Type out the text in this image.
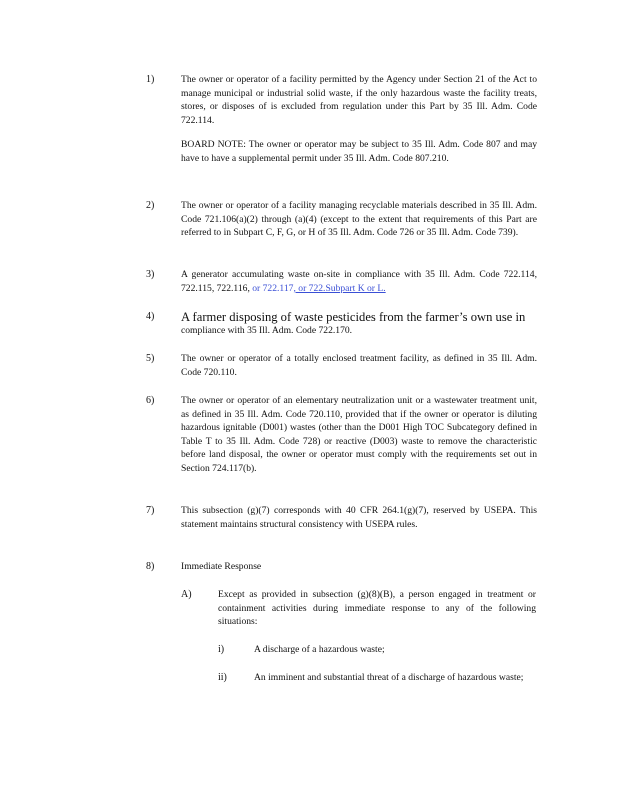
1)	The owner or operator of a facility permitted by the Agency under Section 21 of the Act to manage municipal or industrial solid waste, if the only hazardous waste the facility treats, stores, or disposes of is excluded from regulation under this Part by 35 Ill. Adm. Code 722.114.

BOARD NOTE: The owner or operator may be subject to 35 Ill. Adm. Code 807 and may have to have a supplemental permit under 35 Ill. Adm. Code 807.210.

2)	The owner or operator of a facility managing recyclable materials described in 35 Ill. Adm. Code 721.106(a)(2) through (a)(4) (except to the extent that requirements of this Part are referred to in Subpart C, F, G, or H of 35 Ill. Adm. Code 726 or 35 Ill. Adm. Code 739).

3)	A generator accumulating waste on-site in compliance with 35 Ill. Adm. Code 722.114, 722.115, 722.116, or 722.117, or 722.Subpart K or L.

4) A farmer disposing of waste pesticides from the farmer’s own use in

compliance with 35 Ill. Adm. Code 722.170.

5)	The owner or operator of a totally enclosed treatment facility, as defined in 35 Ill. Adm. Code 720.110.

6)	The owner or operator of an elementary neutralization unit or a wastewater treatment unit, as defined in 35 Ill. Adm. Code 720.110, provided that if the owner or operator is diluting hazardous ignitable (D001) wastes (other than the D001 High TOC Subcategory defined in Table T to 35 Ill. Adm. Code 728) or reactive (D003) waste to remove the characteristic before land disposal, the owner or operator must comply with the requirements set out in Section 724.117(b).

7)	This subsection (g)(7) corresponds with 40 CFR 264.1(g)(7), reserved by USEPA. This statement maintains structural consistency with USEPA rules.

8)	Immediate Response

A)	Except as provided in subsection (g)(8)(B), a person engaged in treatment or containment activities during immediate response to any of the following situations:
i)	A discharge of a hazardous waste;
ii)	An imminent and substantial threat of a discharge of hazardous waste;
